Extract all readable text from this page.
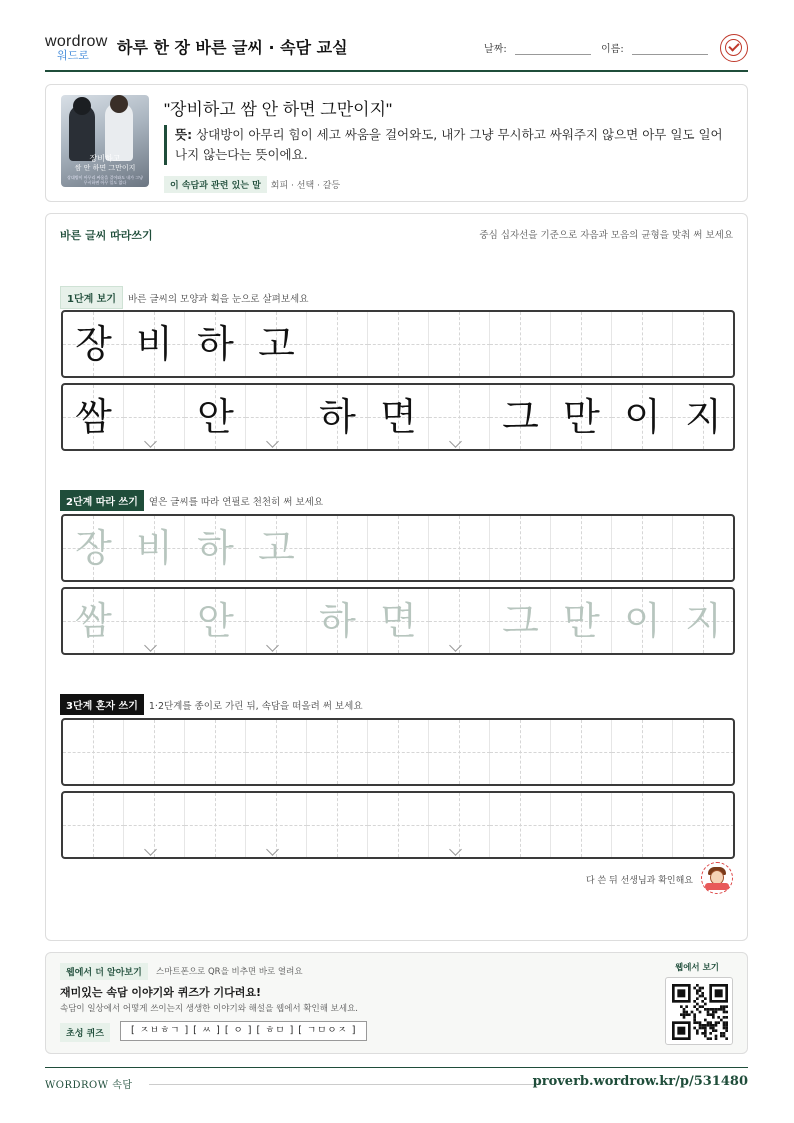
wordrow
워드로	하루 한 장 바른 글씨 · 속담 교실	날짜:	이름:
장비하고
쌈 안 하면 그만이지
상대방이 아무리 싸움을 걸어와도 내가 그냥 무시하면 아무 일도 없다
"장비하고 쌈 안 하면 그만이지"
뜻: 상대방이 아무리 힘이 세고 싸움을 걸어와도, 내가 그냥 무시하고 싸워주지 않으면 아무 일도 일어나지 않는다는 뜻이에요.
이 속담과 관련 있는 말 회피 · 선택 · 갈등
바른 글씨 따라쓰기	중심 십자선을 기준으로 자음과 모음의 균형을 맞춰 써 보세요
1단계 보기 바른 글씨의 모양과 획을 눈으로 살펴보세요
장 비 하 고
쌈	안	하 면	그 만 이 지
2단계 따라 쓰기 옅은 글씨를 따라 연필로 천천히 써 보세요
장 비 하 고
쌈	안	하 면	그 만 이 지
3단계 혼자 쓰기 1·2단계를 종이로 가린 뒤, 속담을 떠올려 써 보세요
다 쓴 뒤 선생님과 확인해요
웹에서 더 알아보기	스마트폰으로 QR을 비추면 바로 열려요
재미있는 속담 이야기와 퀴즈가 기다려요!
속담이 일상에서 어떻게 쓰이는지 생생한 이야기와 해설을 웹에서 확인해 보세요.
초성 퀴즈	[ ㅈㅂㅎㄱ ] [ ㅆ ] [ ㅇ ] [ ㅎㅁ ] [ ㄱㅁㅇㅈ ]
웹에서 보기
WORDROW 속담	proverb.wordrow.kr/p/531480
